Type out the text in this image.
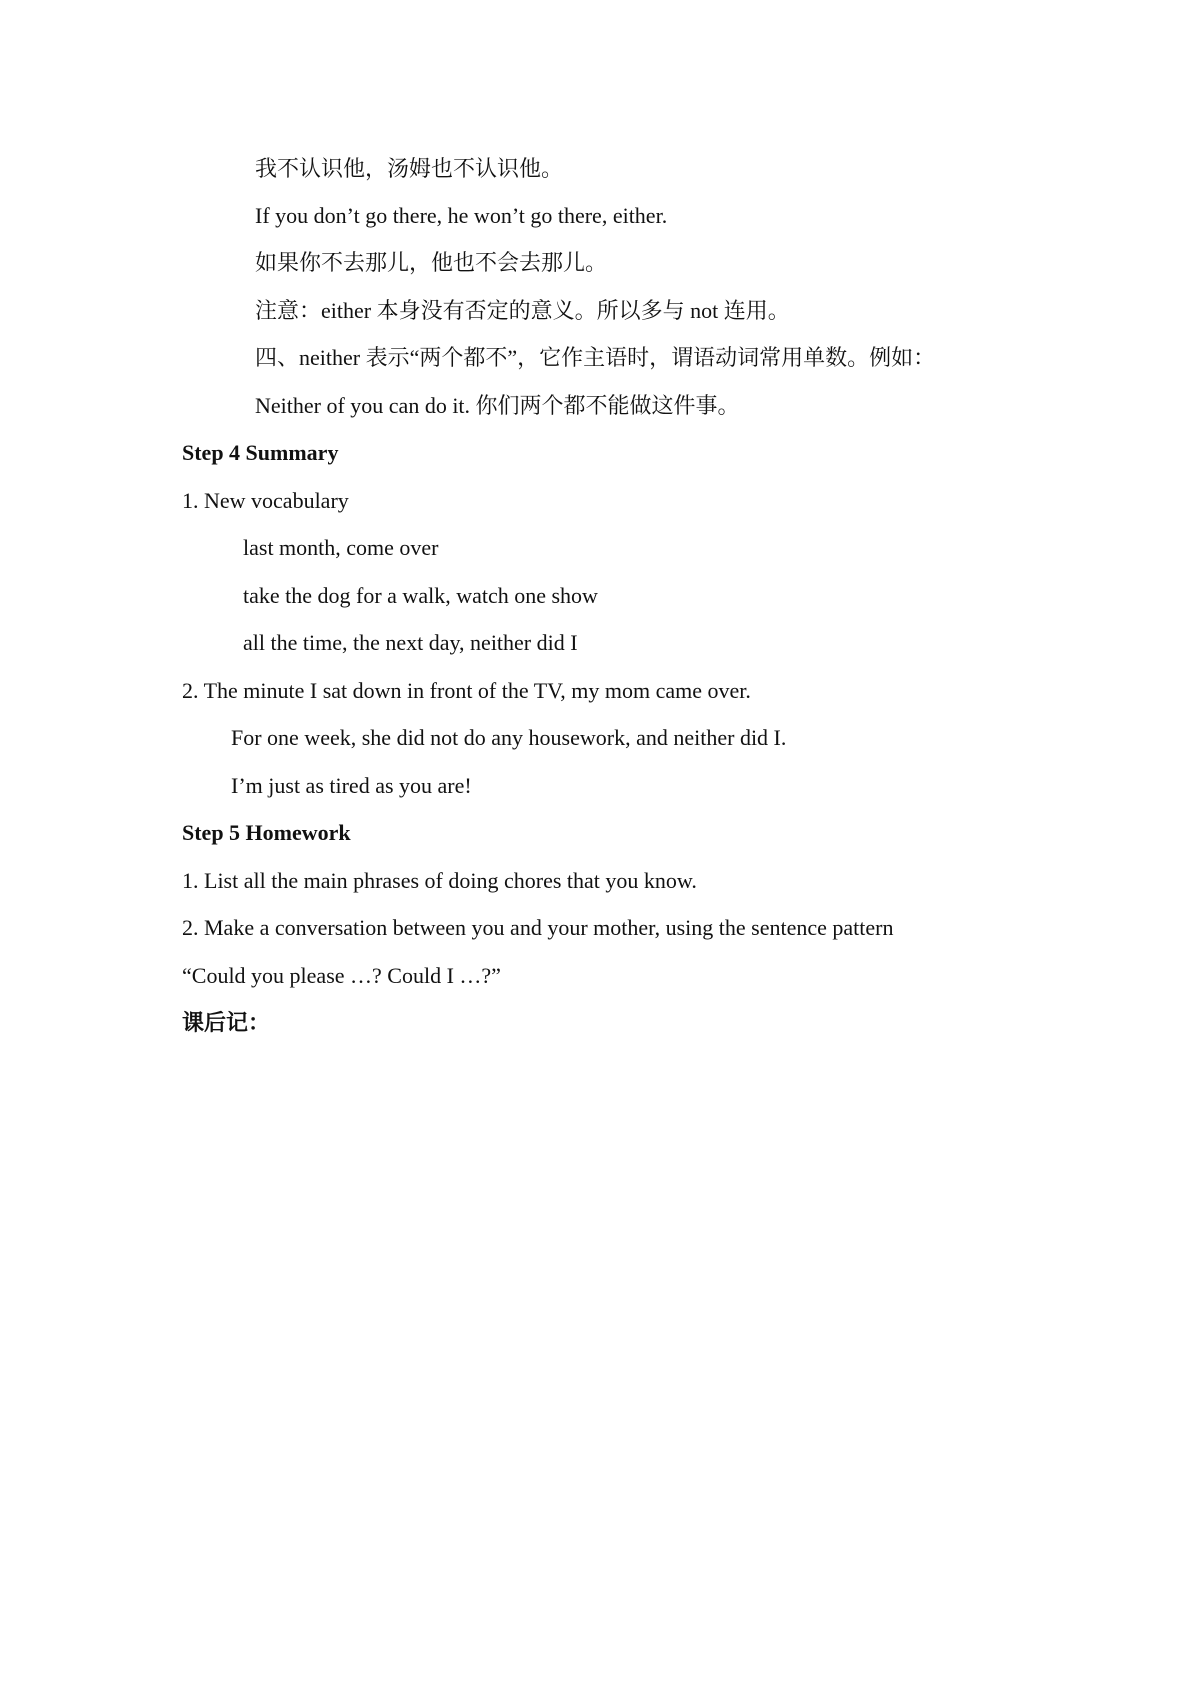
我不认识他，汤姆也不认识他。
If you don’t go there, he won’t go there, either.
如果你不去那儿，他也不会去那儿。
注意：either 本身没有否定的意义。所以多与 not 连用。
四、neither 表示“两个都不”，它作主语时，谓语动词常用单数。例如：
Neither of you can do it. 你们两个都不能做这件事。
Step 4 Summary
1. New vocabulary
last month, come over
take the dog for a walk, watch one show
all the time, the next day, neither did I
2. The minute I sat down in front of the TV, my mom came over.
For one week, she did not do any housework, and neither did I.
I’m just as tired as you are!
Step 5 Homework
1. List all the main phrases of doing chores that you know.
2. Make a conversation between you and your mother, using the sentence pattern
“Could you please …? Could I …?”
课后记：
